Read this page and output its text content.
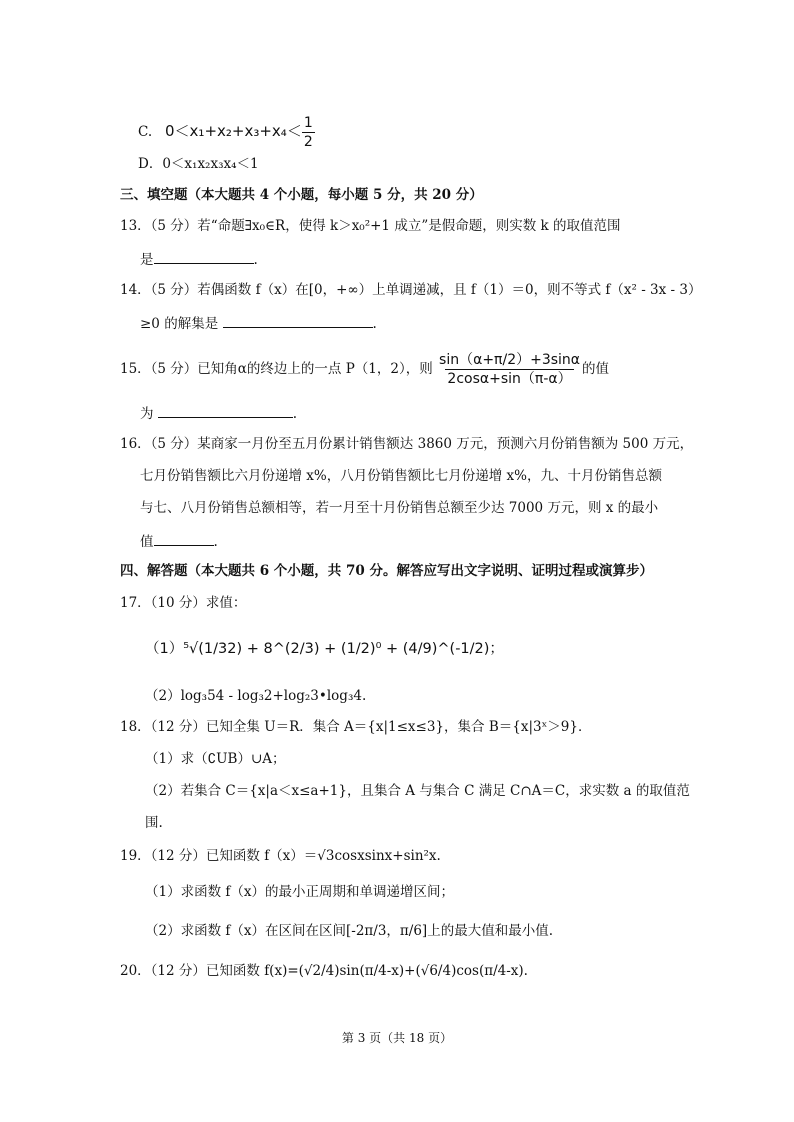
C. $0<x_1+x_2+x_3+x_4< \frac{1}{2}$
D．0＜x₁x₂x₃x₄＜1
三、填空题（本大题共 4 个小题，每小题 5 分，共 20 分）
13．（5 分）若“命题∃x₀∈R，使得 k＞x₀²+1 成立”是假命题，则实数 k 的取值范围
是	.
14．（5 分）若偶函数 f（x）在[0，+∞）上单调递减，且 f（1）＝0，则不等式 f（x² - 3x - 3）
≥0 的解集是	.
15．（5 分）已知角α的终边上的一点 P（1，2），则 $\frac{\sin(\alpha+\pi/2)+3\sin\alpha}{2\cos\alpha+\sin(\pi-\alpha)}$ 的值
为	.
16．（5 分）某商家一月份至五月份累计销售额达 3860 万元，预测六月份销售额为 500 万元，
七月份销售额比六月份递增 x%，八月份销售额比七月份递增 x%，九、十月份销售总额
与七、八月份销售总额相等，若一月至十月份销售总额至少达 7000 万元，则 x 的最小
值	.
四、解答题（本大题共 6 个小题，共 70 分。解答应写出文字说明、证明过程或演算步）
17．（10 分）求值：
（1）⁵√(1/32) + 8^(2/3) + (1/2)⁰ + (4/9)^(-1/2)；
（2）log₃54 - log₃2+log₂3•log₃4.
18．（12 分）已知全集 U＝R．集合 A＝{x|1≤x≤3}，集合 B＝{x|3ˣ＞9}．
（1）求（∁UB）∪A；
（2）若集合 C＝{x|a＜x≤a+1}，且集合 A 与集合 C 满足 C∩A＝C，求实数 a 的取值范
围.
19．（12 分）已知函数 f（x）＝√3cosxsinx+sin²x.
（1）求函数 f（x）的最小正周期和单调递增区间；
（2）求函数 f（x）在区间在区间[-2π/3，π/6]上的最大值和最小值.
20．（12 分）已知函数 f(x)=(√2/4)sin(π/4-x)+(√6/4)cos(π/4-x).
第 3 页（共 18 页）
